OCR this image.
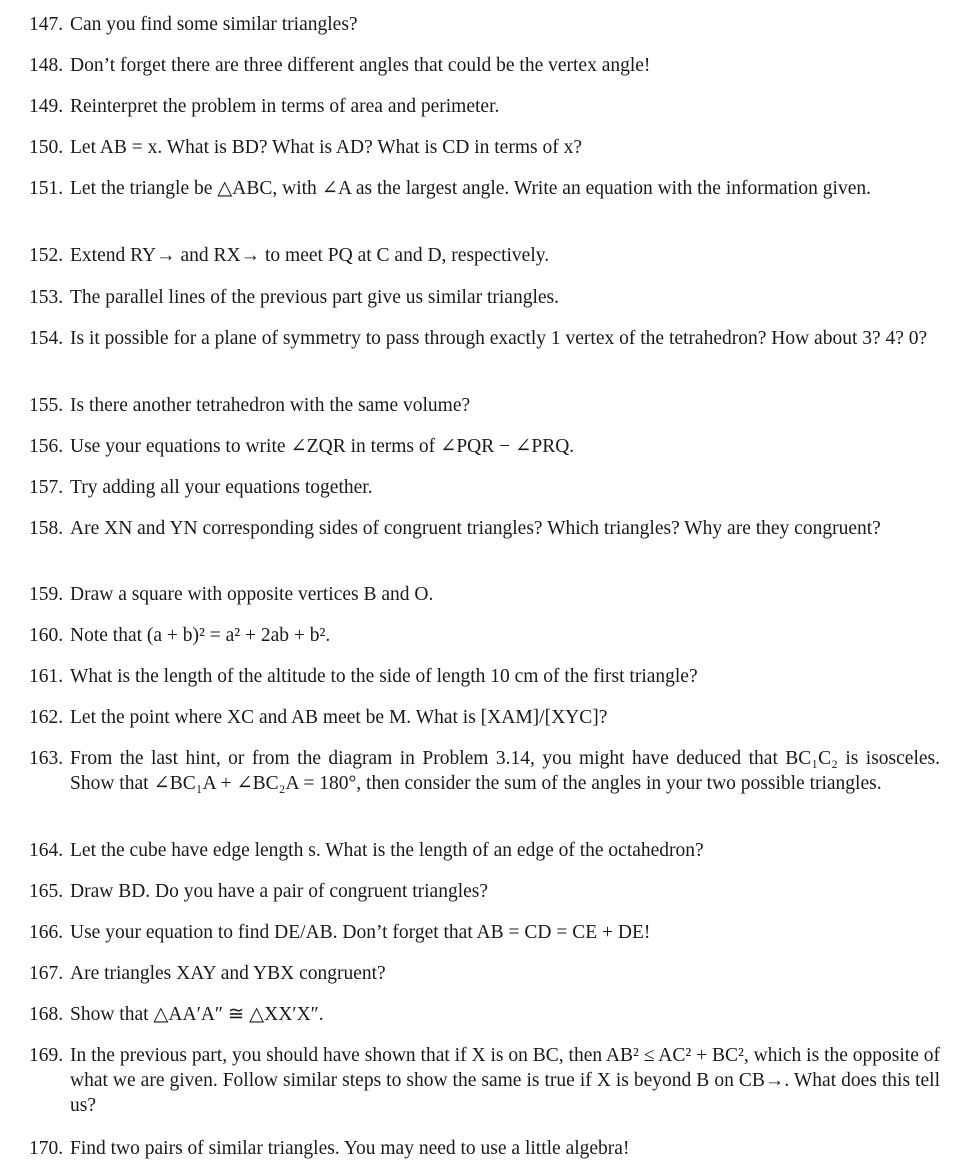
147. Can you find some similar triangles?
148. Don’t forget there are three different angles that could be the vertex angle!
149. Reinterpret the problem in terms of area and perimeter.
150. Let AB = x. What is BD? What is AD? What is CD in terms of x?
151. Let the triangle be △ABC, with ∠A as the largest angle. Write an equation with the information given.
152. Extend RY→ and RX→ to meet PQ at C and D, respectively.
153. The parallel lines of the previous part give us similar triangles.
154. Is it possible for a plane of symmetry to pass through exactly 1 vertex of the tetrahedron? How about 3? 4? 0?
155. Is there another tetrahedron with the same volume?
156. Use your equations to write ∠ZQR in terms of ∠PQR − ∠PRQ.
157. Try adding all your equations together.
158. Are XN and YN corresponding sides of congruent triangles? Which triangles? Why are they congruent?
159. Draw a square with opposite vertices B and O.
160. Note that (a + b)² = a² + 2ab + b².
161. What is the length of the altitude to the side of length 10 cm of the first triangle?
162. Let the point where XC and AB meet be M. What is [XAM]/[XYC]?
163. From the last hint, or from the diagram in Problem 3.14, you might have deduced that BC₁C₂ is isosceles. Show that ∠BC₁A + ∠BC₂A = 180°, then consider the sum of the angles in your two possible triangles.
164. Let the cube have edge length s. What is the length of an edge of the octahedron?
165. Draw BD. Do you have a pair of congruent triangles?
166. Use your equation to find DE/AB. Don’t forget that AB = CD = CE + DE!
167. Are triangles XAY and YBX congruent?
168. Show that △AA′A″ ≅ △XX′X″.
169. In the previous part, you should have shown that if X is on BC, then AB² ≤ AC² + BC², which is the opposite of what we are given. Follow similar steps to show the same is true if X is beyond B on CB→. What does this tell us?
170. Find two pairs of similar triangles. You may need to use a little algebra!
